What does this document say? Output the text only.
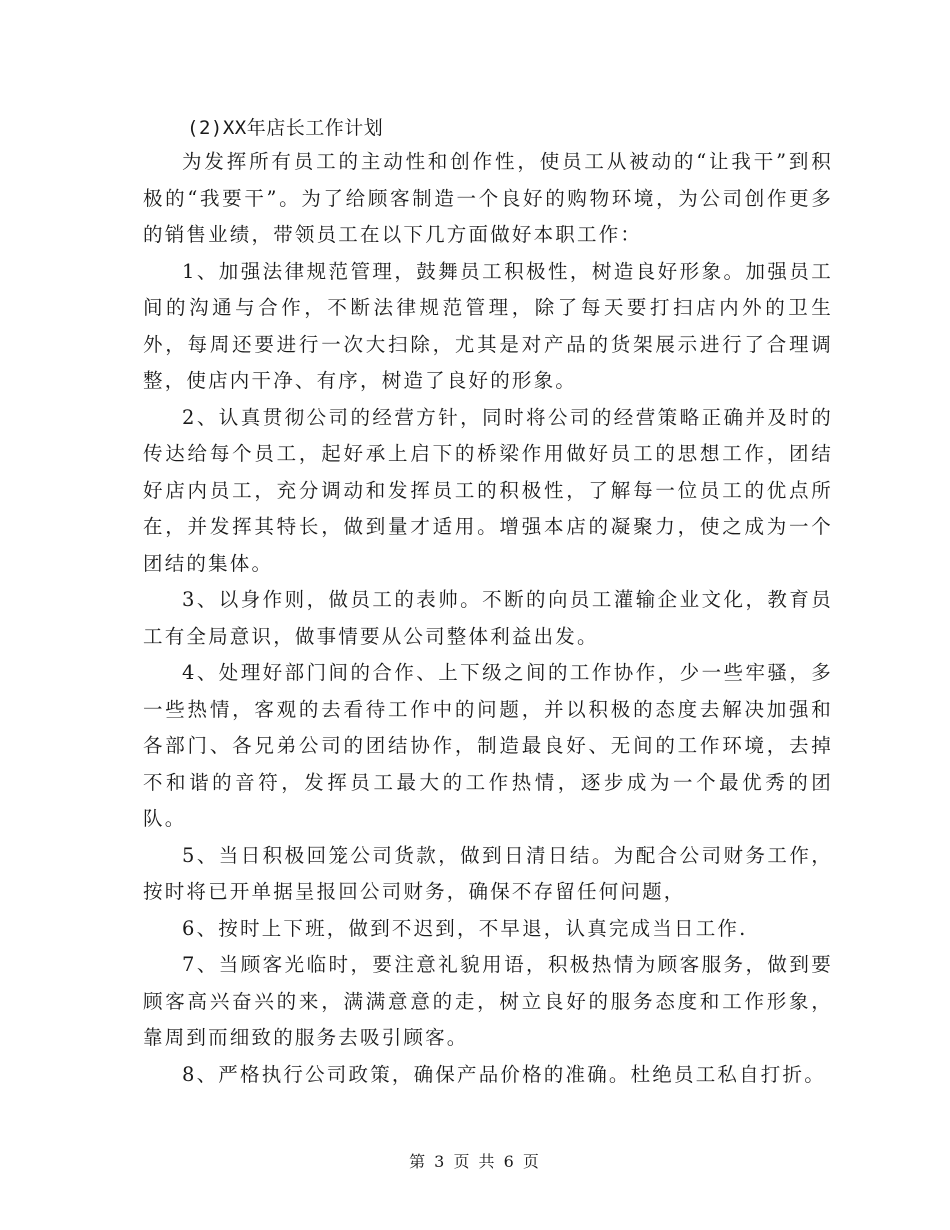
(2)XX年店长工作计划

为发挥所有员工的主动性和创作性，使员工从被动的“让我干”到积极的“我要干”。为了给顾客制造一个良好的购物环境，为公司创作更多的销售业绩，带领员工在以下几方面做好本职工作：

1、加强法律规范管理，鼓舞员工积极性，树造良好形象。加强员工间的沟通与合作，不断法律规范管理，除了每天要打扫店内外的卫生外，每周还要进行一次大扫除，尤其是对产品的货架展示进行了合理调整，使店内干净、有序，树造了良好的形象。

2、认真贯彻公司的经营方针，同时将公司的经营策略正确并及时的传达给每个员工，起好承上启下的桥梁作用做好员工的思想工作，团结好店内员工，充分调动和发挥员工的积极性，了解每一位员工的优点所在，并发挥其特长，做到量才适用。增强本店的凝聚力，使之成为一个团结的集体。

3、以身作则，做员工的表帅。不断的向员工灌输企业文化，教育员工有全局意识，做事情要从公司整体利益出发。

4、处理好部门间的合作、上下级之间的工作协作，少一些牢骚，多一些热情，客观的去看待工作中的问题，并以积极的态度去解决加强和各部门、各兄弟公司的团结协作，制造最良好、无间的工作环境，去掉不和谐的音符，发挥员工最大的工作热情，逐步成为一个最优秀的团队。

5、当日积极回笼公司货款，做到日清日结。为配合公司财务工作，按时将已开单据呈报回公司财务，确保不存留任何问题，

6、按时上下班，做到不迟到，不早退，认真完成当日工作.

7、当顾客光临时，要注意礼貌用语，积极热情为顾客服务，做到要顾客高兴奋兴的来，满满意意的走，树立良好的服务态度和工作形象，靠周到而细致的服务去吸引顾客。

8、严格执行公司政策，确保产品价格的准确。杜绝员工私自打折。

第 3 页 共 6 页
